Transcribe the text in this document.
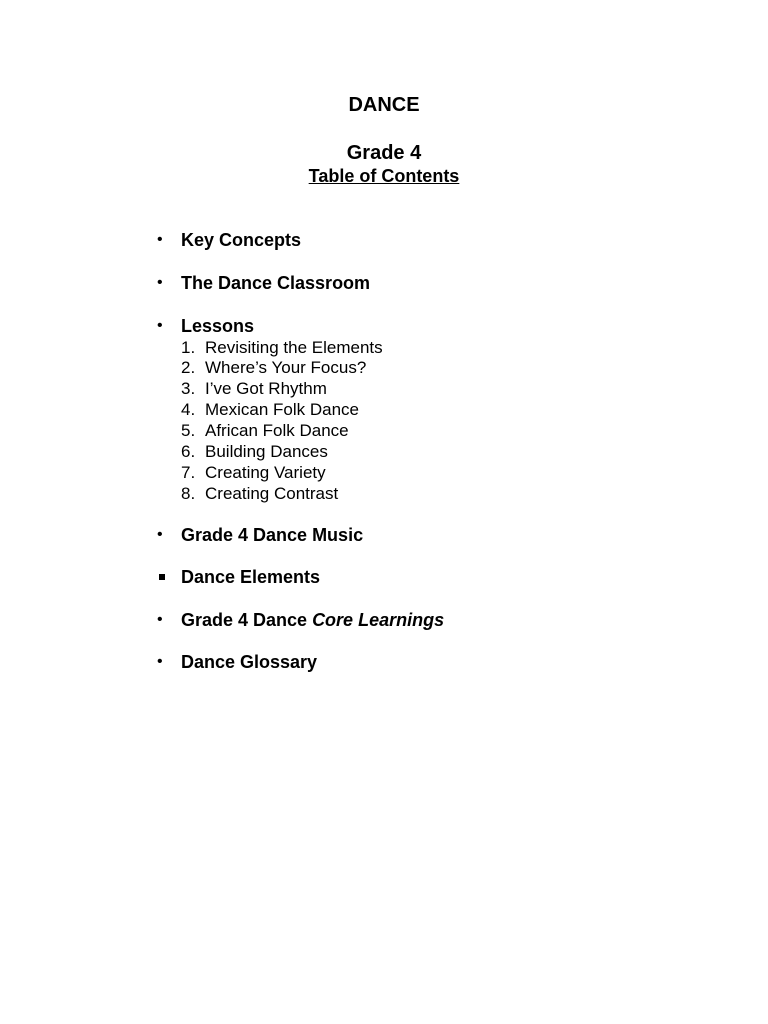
DANCE
Grade 4
Table of Contents
•	Key Concepts
•	The Dance Classroom
•	Lessons
1. Revisiting the Elements
2. Where’s Your Focus?
3. I’ve Got Rhythm
4. Mexican Folk Dance
5. African Folk Dance
6. Building Dances
7. Creating Variety
8. Creating Contrast
•	Grade 4 Dance Music
Dance Elements
•	Grade 4 Dance Core Learnings
•	Dance Glossary
